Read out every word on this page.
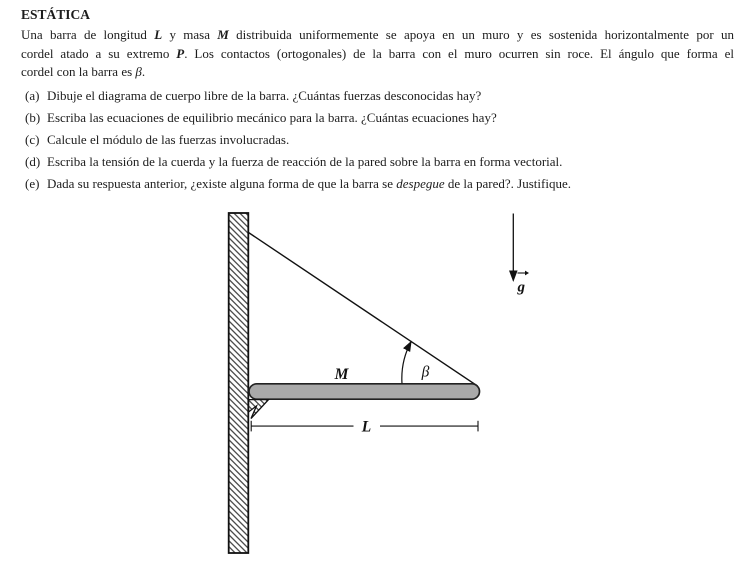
ESTÁTICA
Una barra de longitud L y masa M distribuida uniformemente se apoya en un muro y es sostenida horizontalmente por un
cordel atado a su extremo P. Los contactos (ortogonales) de la barra con el muro ocurren sin roce. El ángulo que forma el
cordel con la barra es β.
(a) Dibuje el diagrama de cuerpo libre de la barra. ¿Cuántas fuerzas desconocidas hay?
(b) Escriba las ecuaciones de equilibrio mecánico para la barra. ¿Cuántas ecuaciones hay?
(c) Calcule el módulo de las fuerzas involucradas.
(d) Escriba la tensión de la cuerda y la fuerza de reacción de la pared sobre la barra en forma vectorial.
(e) Dada su respuesta anterior, ¿existe alguna forma de que la barra se despegue de la pared?. Justifique.
M	β
L
g
